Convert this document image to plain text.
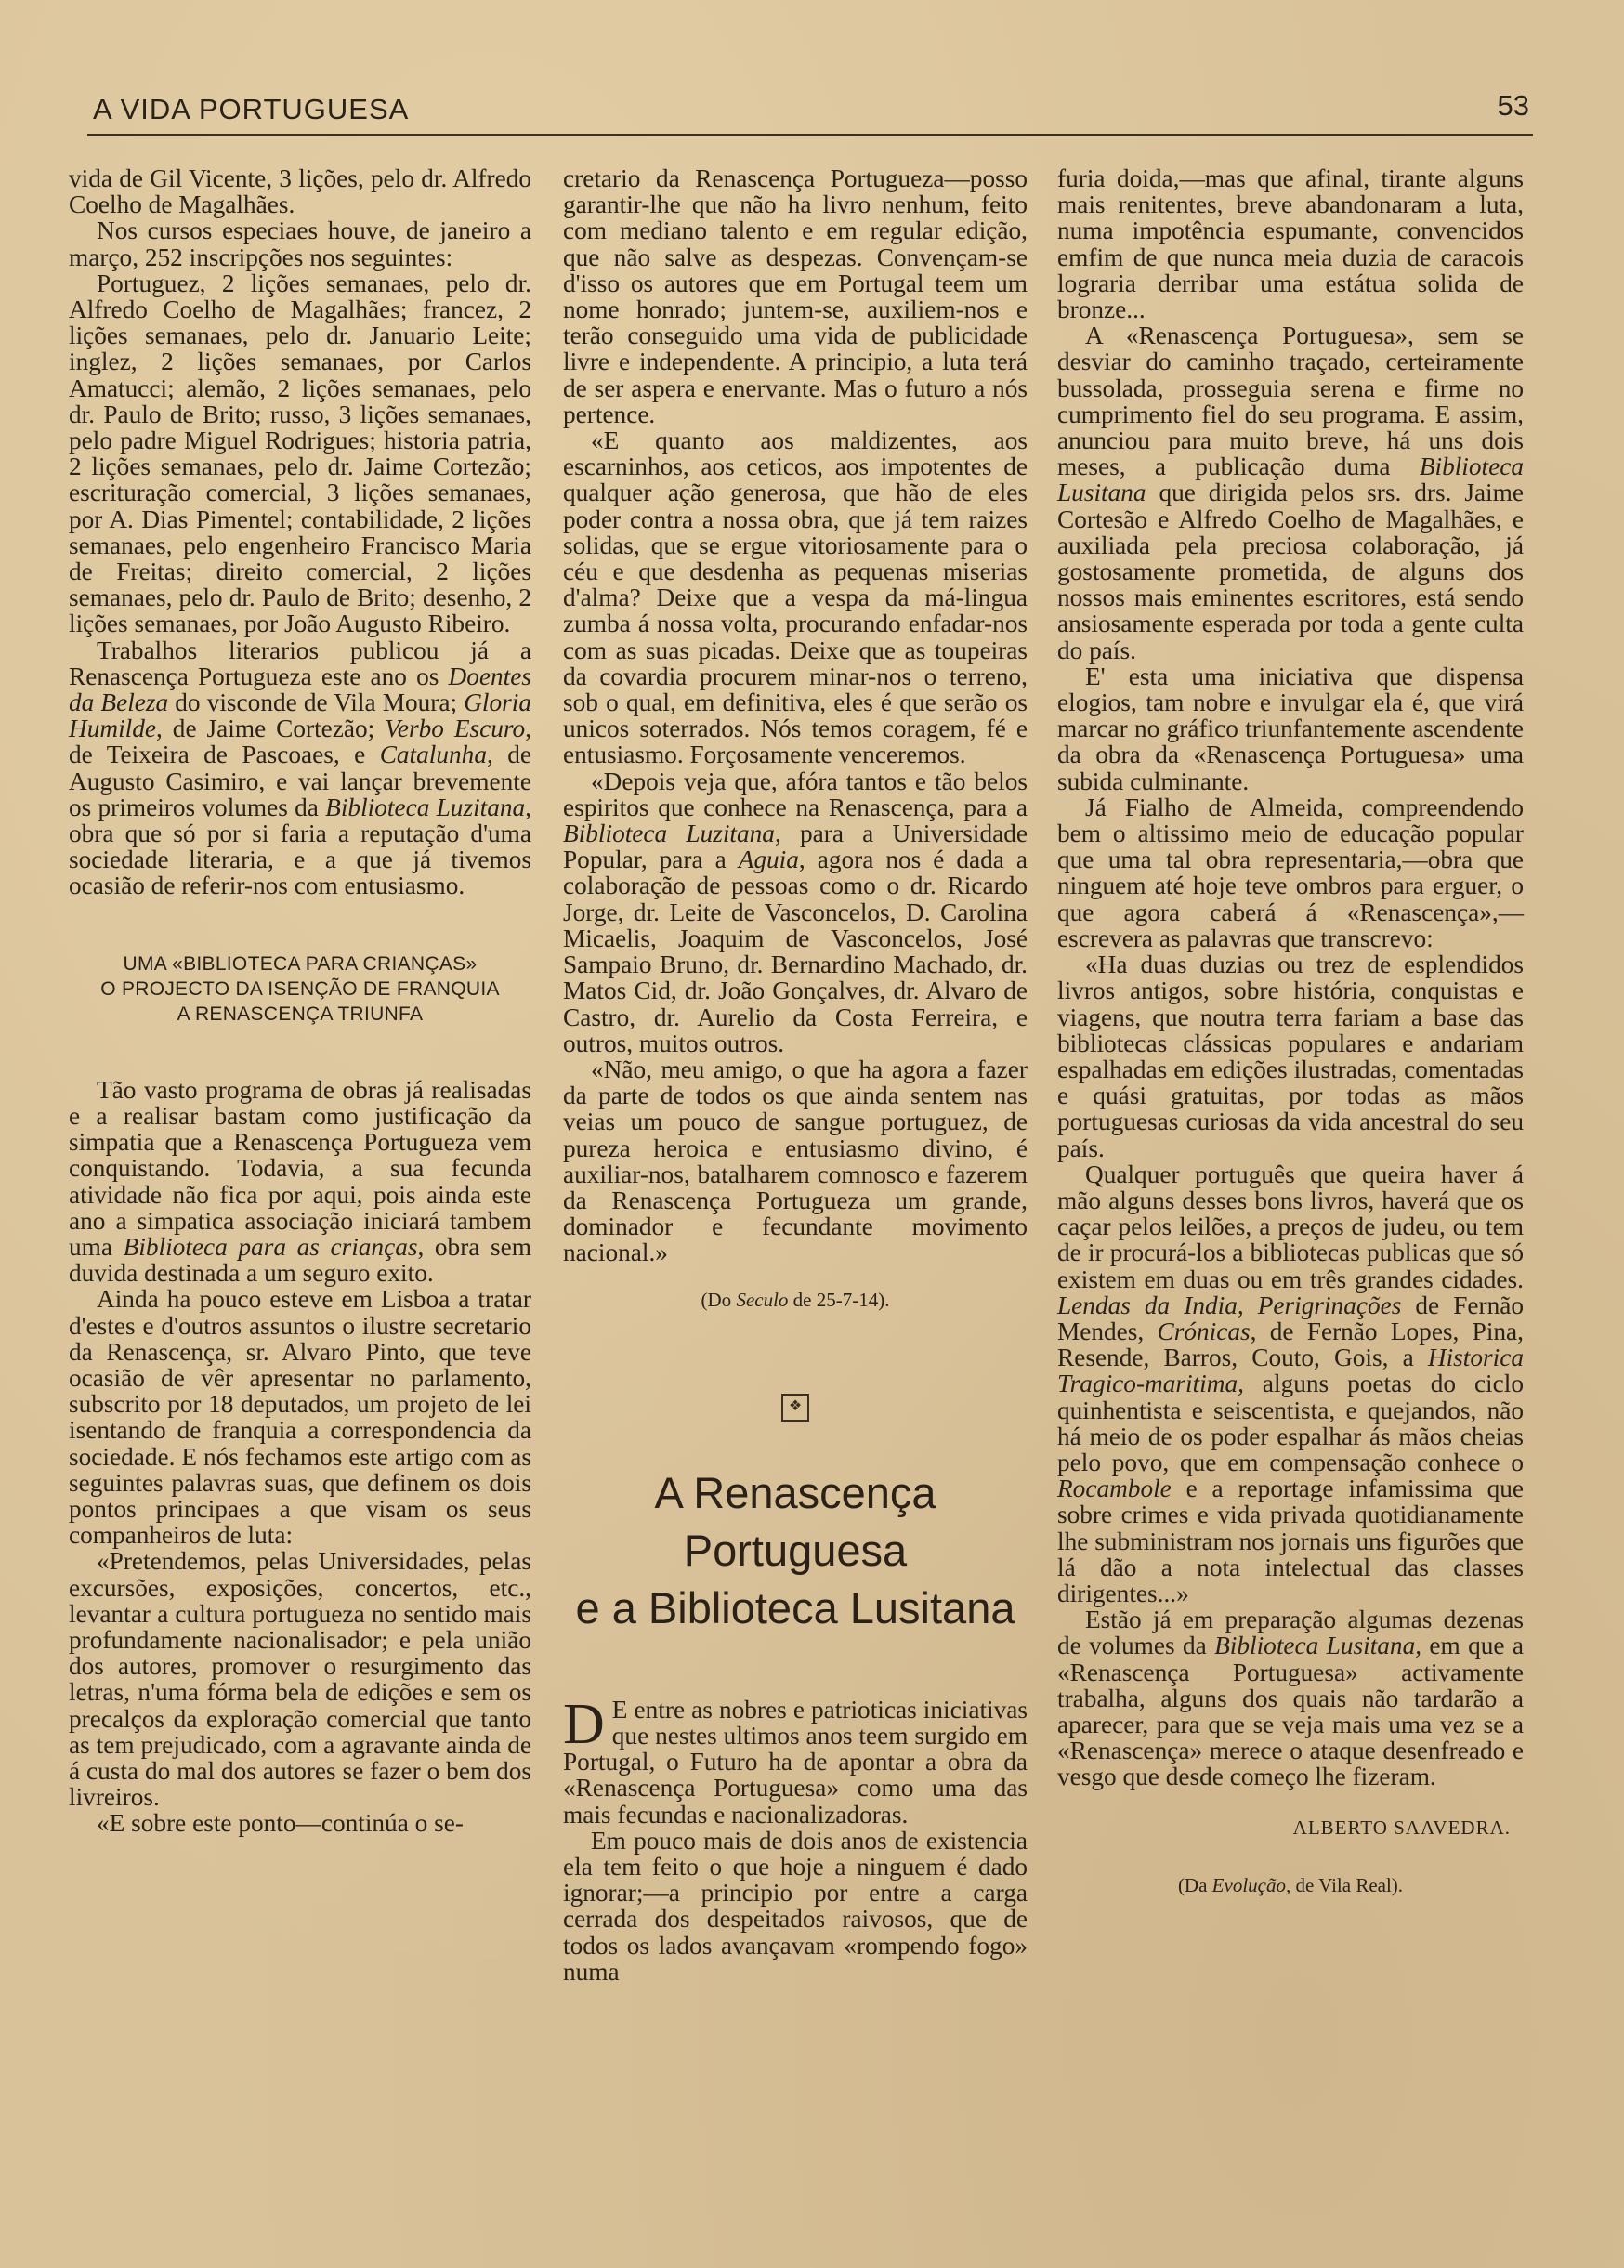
A VIDA PORTUGUESA	53

vida de Gil Vicente, 3 lições, pelo dr. Alfredo Coelho de Magalhães.

Nos cursos especiaes houve, de janeiro a março, 252 inscripções nos seguintes:

Portuguez, 2 lições semanaes, pelo dr. Alfredo Coelho de Magalhães; francez, 2 lições semanaes, pelo dr. Januario Leite; inglez, 2 lições semanaes, por Carlos Amatucci; alemão, 2 lições semanaes, pelo dr. Paulo de Brito; russo, 3 lições semanaes, pelo padre Miguel Rodrigues; historia patria, 2 lições semanaes, pelo dr. Jaime Cortezão; escrituração comercial, 3 lições semanaes, por A. Dias Pimentel; contabilidade, 2 lições semanaes, pelo engenheiro Francisco Maria de Freitas; direito comercial, 2 lições semanaes, pelo dr. Paulo de Brito; desenho, 2 lições semanaes, por João Augusto Ribeiro.

Trabalhos literarios publicou já a Renascença Portugueza este ano os Doentes da Beleza do visconde de Vila Moura; Gloria Humilde, de Jaime Cortezão; Verbo Escuro, de Teixeira de Pascoaes, e Catalunha, de Augusto Casimiro, e vai lançar brevemente os primeiros volumes da Biblioteca Luzitana, obra que só por si faria a reputação d'uma sociedade literaria, e a que já tivemos ocasião de referir-nos com entusiasmo.

UMA «BIBLIOTECA PARA CRIANÇAS»
O PROJECTO DA ISENÇÃO DE FRANQUIA
A RENASCENÇA TRIUNFA

Tão vasto programa de obras já realisadas e a realisar bastam como justificação da simpatia que a Renascença Portugueza vem conquistando. Todavia, a sua fecunda atividade não fica por aqui, pois ainda este ano a simpatica associação iniciará tambem uma Biblioteca para as crianças, obra sem duvida destinada a um seguro exito.

Ainda ha pouco esteve em Lisboa a tratar d'estes e d'outros assuntos o ilustre secretario da Renascença, sr. Alvaro Pinto, que teve ocasião de vêr apresentar no parlamento, subscrito por 18 deputados, um projeto de lei isentando de franquia a correspondencia da sociedade. E nós fechamos este artigo com as seguintes palavras suas, que definem os dois pontos principaes a que visam os seus companheiros de luta:

«Pretendemos, pelas Universidades, pelas excursões, exposições, concertos, etc., levantar a cultura portugueza no sentido mais profundamente nacionalisador; e pela união dos autores, promover o resurgimento das letras, n'uma fórma bela de edições e sem os precalços da exploração comercial que tanto as tem prejudicado, com a agravante ainda de á custa do mal dos autores se fazer o bem dos livreiros.

«E sobre este ponto—continúa o se-

cretario da Renascença Portugueza—posso garantir-lhe que não ha livro nenhum, feito com mediano talento e em regular edição, que não salve as despezas. Convençam-se d'isso os autores que em Portugal teem um nome honrado; juntem-se, auxiliem-nos e terão conseguido uma vida de publicidade livre e independente. A principio, a luta terá de ser aspera e enervante. Mas o futuro a nós pertence.

«E quanto aos maldizentes, aos escarninhos, aos ceticos, aos impotentes de qualquer ação generosa, que hão de eles poder contra a nossa obra, que já tem raizes solidas, que se ergue vitoriosamente para o céu e que desdenha as pequenas miserias d'alma? Deixe que a vespa da má-lingua zumba á nossa volta, procurando enfadar-nos com as suas picadas. Deixe que as toupeiras da covardia procurem minar-nos o terreno, sob o qual, em definitiva, eles é que serão os unicos soterrados. Nós temos coragem, fé e entusiasmo. Forçosamente venceremos.

«Depois veja que, afóra tantos e tão belos espiritos que conhece na Renascença, para a Biblioteca Luzitana, para a Universidade Popular, para a Aguia, agora nos é dada a colaboração de pessoas como o dr. Ricardo Jorge, dr. Leite de Vasconcelos, D. Carolina Micaelis, Joaquim de Vasconcelos, José Sampaio Bruno, dr. Bernardino Machado, dr. Matos Cid, dr. João Gonçalves, dr. Alvaro de Castro, dr. Aurelio da Costa Ferreira, e outros, muitos outros.

«Não, meu amigo, o que ha agora a fazer da parte de todos os que ainda sentem nas veias um pouco de sangue portuguez, de pureza heroica e entusiasmo divino, é auxiliar-nos, batalharem comnosco e fazerem da Renascença Portugueza um grande, dominador e fecundante movimento nacional.»

(Do Seculo de 25-7-14).
❖
A Renascença Portuguesa
e a Biblioteca Lusitana

D E entre as nobres e patrioticas iniciativas que nestes ultimos anos teem surgido em Portugal, o Futuro ha de apontar a obra da «Renascença Portuguesa» como uma das mais fecundas e nacionalizadoras.

Em pouco mais de dois anos de existencia ela tem feito o que hoje a ninguem é dado ignorar;—a principio por entre a carga cerrada dos despeitados raivosos, que de todos os lados avançavam «rompendo fogo» numa

furia doida,—mas que afinal, tirante alguns mais renitentes, breve abandonaram a luta, numa impotência espumante, convencidos emfim de que nunca meia duzia de caracois lograria derribar uma estátua solida de bronze...

A «Renascença Portuguesa», sem se desviar do caminho traçado, certeiramente bussolada, prosseguia serena e firme no cumprimento fiel do seu programa. E assim, anunciou para muito breve, há uns dois meses, a publicação duma Biblioteca Lusitana que dirigida pelos srs. drs. Jaime Cortesão e Alfredo Coelho de Magalhães, e auxiliada pela preciosa colaboração, já gostosamente prometida, de alguns dos nossos mais eminentes escritores, está sendo ansiosamente esperada por toda a gente culta do país.

E' esta uma iniciativa que dispensa elogios, tam nobre e invulgar ela é, que virá marcar no gráfico triunfantemente ascendente da obra da «Renascença Portuguesa» uma subida culminante.

Já Fialho de Almeida, compreendendo bem o altissimo meio de educação popular que uma tal obra representaria,—obra que ninguem até hoje teve ombros para erguer, o que agora caberá á «Renascença»,—escrevera as palavras que transcrevo:

«Ha duas duzias ou trez de esplendidos livros antigos, sobre história, conquistas e viagens, que noutra terra fariam a base das bibliotecas clássicas populares e andariam espalhadas em edições ilustradas, comentadas e quási gratuitas, por todas as mãos portuguesas curiosas da vida ancestral do seu país.

Qualquer português que queira haver á mão alguns desses bons livros, haverá que os caçar pelos leilões, a preços de judeu, ou tem de ir procurá-los a bibliotecas publicas que só existem em duas ou em três grandes cidades. Lendas da India, Perigrinações de Fernão Mendes, Crónicas, de Fernão Lopes, Pina, Resende, Barros, Couto, Gois, a Historica Tragico-maritima, alguns poetas do ciclo quinhentista e seiscentista, e quejandos, não há meio de os poder espalhar ás mãos cheias pelo povo, que em compensação conhece o Rocambole e a reportage infamissima que sobre crimes e vida privada quotidianamente lhe subministram nos jornais uns figurões que lá dão a nota intelectual das classes dirigentes...»

Estão já em preparação algumas dezenas de volumes da Biblioteca Lusitana, em que a «Renascença Portuguesa» activamente trabalha, alguns dos quais não tardarão a aparecer, para que se veja mais uma vez se a «Renascença» merece o ataque desenfreado e vesgo que desde começo lhe fizeram.

ALBERTO SAAVEDRA.
(Da Evolução, de Vila Real).
